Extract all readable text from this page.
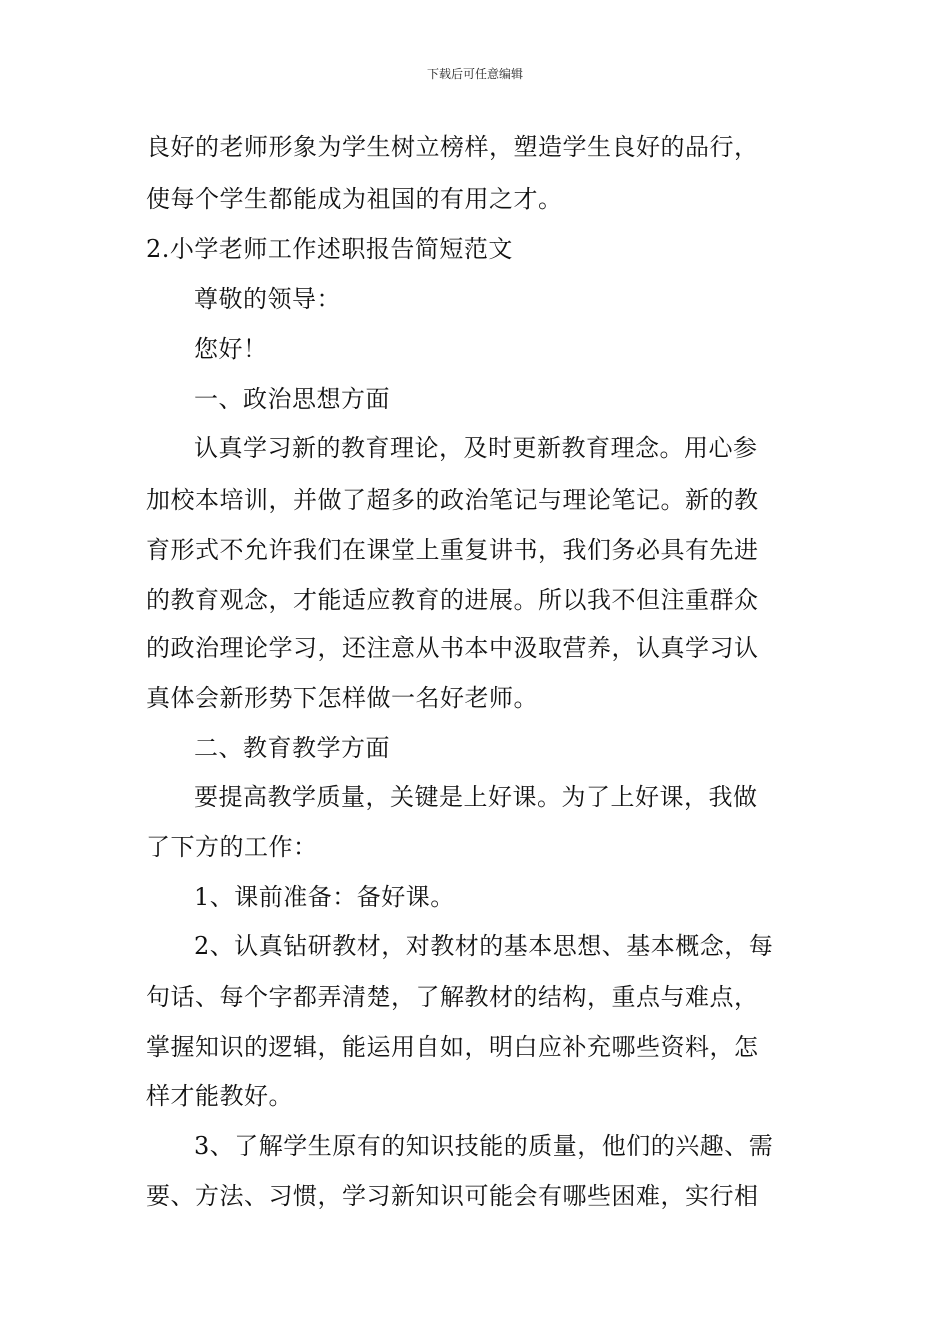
下载后可任意编辑
良好的老师形象为学生树立榜样，塑造学生良好的品行，
使每个学生都能成为祖国的有用之才。
2.小学老师工作述职报告简短范文
尊敬的领导：
您好！
一、政治思想方面
认真学习新的教育理论，及时更新教育理念。用心参
加校本培训，并做了超多的政治笔记与理论笔记。新的教
育形式不允许我们在课堂上重复讲书，我们务必具有先进
的教育观念，才能适应教育的进展。所以我不但注重群众
的政治理论学习，还注意从书本中汲取营养，认真学习认
真体会新形势下怎样做一名好老师。
二、教育教学方面
要提高教学质量，关键是上好课。为了上好课，我做
了下方的工作：
1、课前准备：备好课。
2、认真钻研教材，对教材的基本思想、基本概念，每
句话、每个字都弄清楚，了解教材的结构，重点与难点，
掌握知识的逻辑，能运用自如，明白应补充哪些资料，怎
样才能教好。
3、了解学生原有的知识技能的质量，他们的兴趣、需
要、方法、习惯，学习新知识可能会有哪些困难，实行相
